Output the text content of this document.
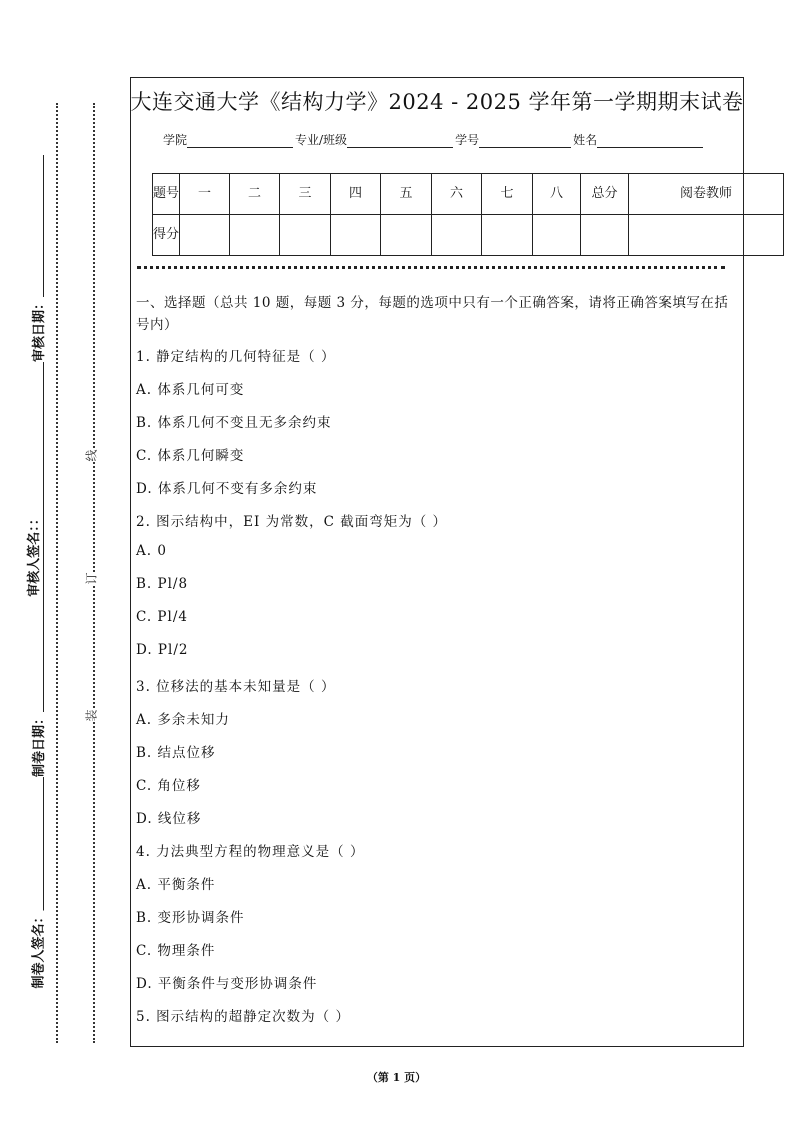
制卷人签名：
制卷日期：
审核人签名：：
审核日期：
装
订
线
大连交通大学《结构力学》2024 - 2025 学年第一学期期末试卷
学院	专业/班级	学号	姓名
题号	一	二	三	四	五	六	七	八	总分	阅卷教师
得分										
一、选择题（总共 10 题，每题 3 分，每题的选项中只有一个正确答案，请将正确答案填写在括号内）
1. 静定结构的几何特征是（ ）
A. 体系几何可变
B. 体系几何不变且无多余约束
C. 体系几何瞬变
D. 体系几何不变有多余约束
2. 图示结构中，EI 为常数，C 截面弯矩为（ ）
A. 0
B. Pl/8
C. Pl/4
D. Pl/2
3. 位移法的基本未知量是（ ）
A. 多余未知力
B. 结点位移
C. 角位移
D. 线位移
4. 力法典型方程的物理意义是（ ）
A. 平衡条件
B. 变形协调条件
C. 物理条件
D. 平衡条件与变形协调条件
5. 图示结构的超静定次数为（ ）
（第 1 页）
